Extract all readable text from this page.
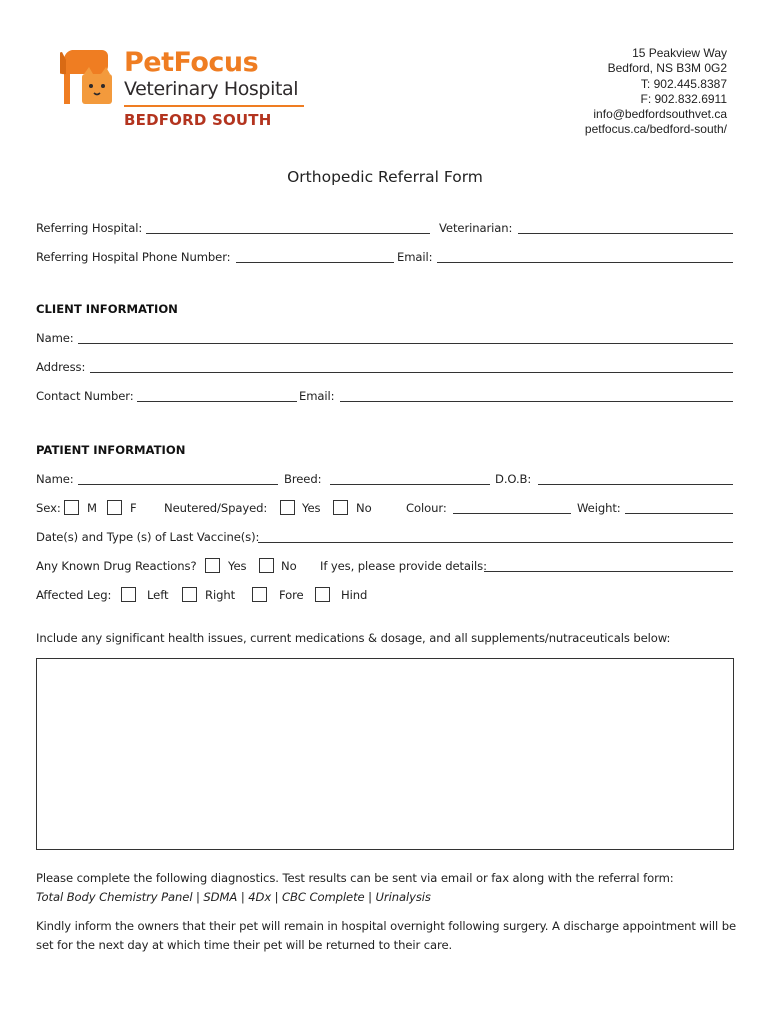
PetFocus
Veterinary Hospital
BEDFORD SOUTH
15 Peakview Way
Bedford, NS B3M 0G2
T: 902.445.8387
F: 902.832.6911
info@bedfordsouthvet.ca
petfocus.ca/bedford-south/
Orthopedic Referral Form
Referring Hospital:	Veterinarian:
Referring Hospital Phone Number:	Email:
CLIENT INFORMATION
Name:
Address:
Contact Number:	Email:
PATIENT INFORMATION
Name:	Breed:	D.O.B:
Sex: M	F Neutered/Spayed:	Yes	No	Colour:	Weight:
Date(s) and Type (s) of Last Vaccine(s):
Any Known Drug Reactions?	Yes	No If yes, please provide details:
Affected Leg:	Left	Right	Fore	Hind
Include any significant health issues, current medications & dosage, and all supplements/nutraceuticals below:
Please complete the following diagnostics. Test results can be sent via email or fax along with the referral form:
Total Body Chemistry Panel | SDMA | 4Dx | CBC Complete | Urinalysis
Kindly inform the owners that their pet will remain in hospital overnight following surgery. A discharge appointment will be
set for the next day at which time their pet will be returned to their care.
